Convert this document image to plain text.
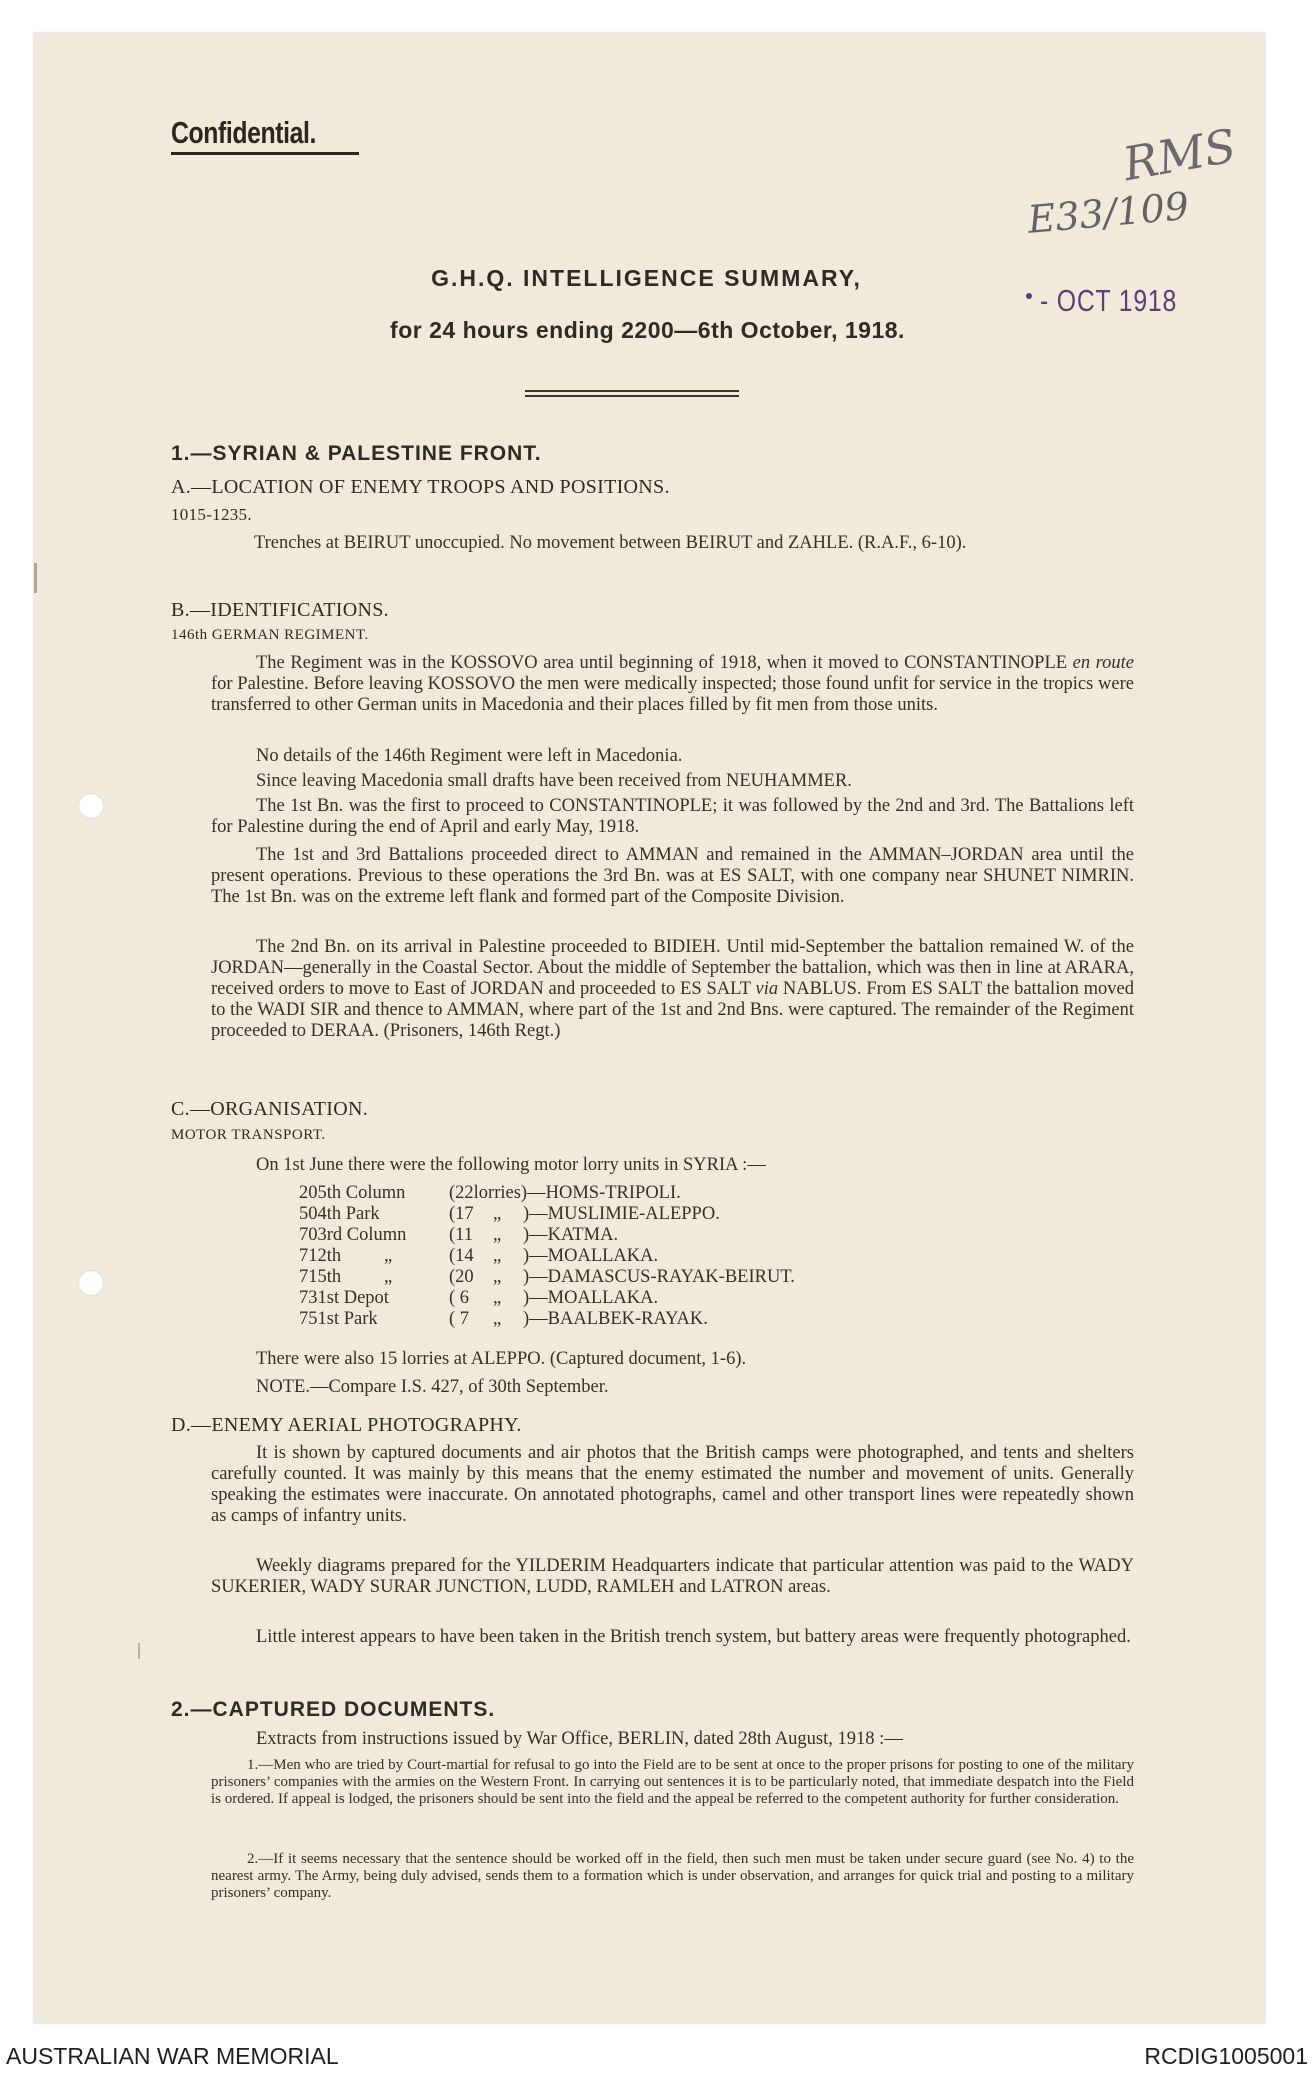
Confidential.	RMS
E33/109
- OCT 1918
G.H.Q. INTELLIGENCE SUMMARY,
for 24 hours ending 2200—6th October, 1918.
1.—SYRIAN & PALESTINE FRONT.
A.—LOCATION OF ENEMY TROOPS AND POSITIONS.
1015-1235.
Trenches at BEIRUT unoccupied. No movement between BEIRUT and ZAHLE. (R.A.F., 6-10).
B.—IDENTIFICATIONS.
146th GERMAN REGIMENT.
The Regiment was in the KOSSOVO area until beginning of 1918, when it moved to CONSTANTINOPLE en route for Palestine. Before leaving KOSSOVO the men were medically inspected; those found unfit for service in the tropics were transferred to other German units in Macedonia and their places filled by fit men from those units.
No details of the 146th Regiment were left in Macedonia.
Since leaving Macedonia small drafts have been received from NEUHAMMER.
The 1st Bn. was the first to proceed to CONSTANTINOPLE; it was followed by the 2nd and 3rd. The Battalions left for Palestine during the end of April and early May, 1918.
The 1st and 3rd Battalions proceeded direct to AMMAN and remained in the AMMAN–JORDAN area until the present operations. Previous to these operations the 3rd Bn. was at ES SALT, with one company near SHUNET NIMRIN. The 1st Bn. was on the extreme left flank and formed part of the Composite Division.
The 2nd Bn. on its arrival in Palestine proceeded to BIDIEH. Until mid-September the battalion remained W. of the JORDAN—generally in the Coastal Sector. About the middle of September the battalion, which was then in line at ARARA, received orders to move to East of JORDAN and proceeded to ES SALT via NABLUS. From ES SALT the battalion moved to the WADI SIR and thence to AMMAN, where part of the 1st and 2nd Bns. were captured. The remainder of the Regiment proceeded to DERAA. (Prisoners, 146th Regt.)
C.—ORGANISATION.
MOTOR TRANSPORT.
On 1st June there were the following motor lorry units in SYRIA :—
205th Column (22lorries)—HOMS-TRIPOLI.
504th Park	(17„ )—MUSLIMIE-ALEPPO.
703rd Column (11„ )—KATMA.
712th „	(14„ )—MOALLAKA.
715th „	(20„ )—DAMASCUS-RAYAK-BEIRUT.
731st Depot	( 6„ )—MOALLAKA.
751st Park	( 7„ )—BAALBEK-RAYAK.
There were also 15 lorries at ALEPPO. (Captured document, 1-6).
NOTE.—Compare I.S. 427, of 30th September.
D.—ENEMY AERIAL PHOTOGRAPHY.
It is shown by captured documents and air photos that the British camps were photographed, and tents and shelters carefully counted. It was mainly by this means that the enemy estimated the number and movement of units. Generally speaking the estimates were inaccurate. On annotated photographs, camel and other transport lines were repeatedly shown as camps of infantry units.
Weekly diagrams prepared for the YILDERIM Headquarters indicate that particular attention was paid to the WADY SUKERIER, WADY SURAR JUNCTION, LUDD, RAMLEH and LATRON areas.
Little interest appears to have been taken in the British trench system, but battery areas were frequently photographed.
2.—CAPTURED DOCUMENTS.
Extracts from instructions issued by War Office, BERLIN, dated 28th August, 1918 :—
1.—Men who are tried by Court-martial for refusal to go into the Field are to be sent at once to the proper prisons for posting to one of the military prisoners’ companies with the armies on the Western Front. In carrying out sentences it is to be particularly noted, that immediate despatch into the Field is ordered. If appeal is lodged, the prisoners should be sent into the field and the appeal be referred to the competent authority for further consideration.
2.—If it seems necessary that the sentence should be worked off in the field, then such men must be taken under secure guard (see No. 4) to the nearest army. The Army, being duly advised, sends them to a formation which is under observation, and arranges for quick trial and posting to a military prisoners’ company.
AUSTRALIAN WAR MEMORIAL	RCDIG1005001
